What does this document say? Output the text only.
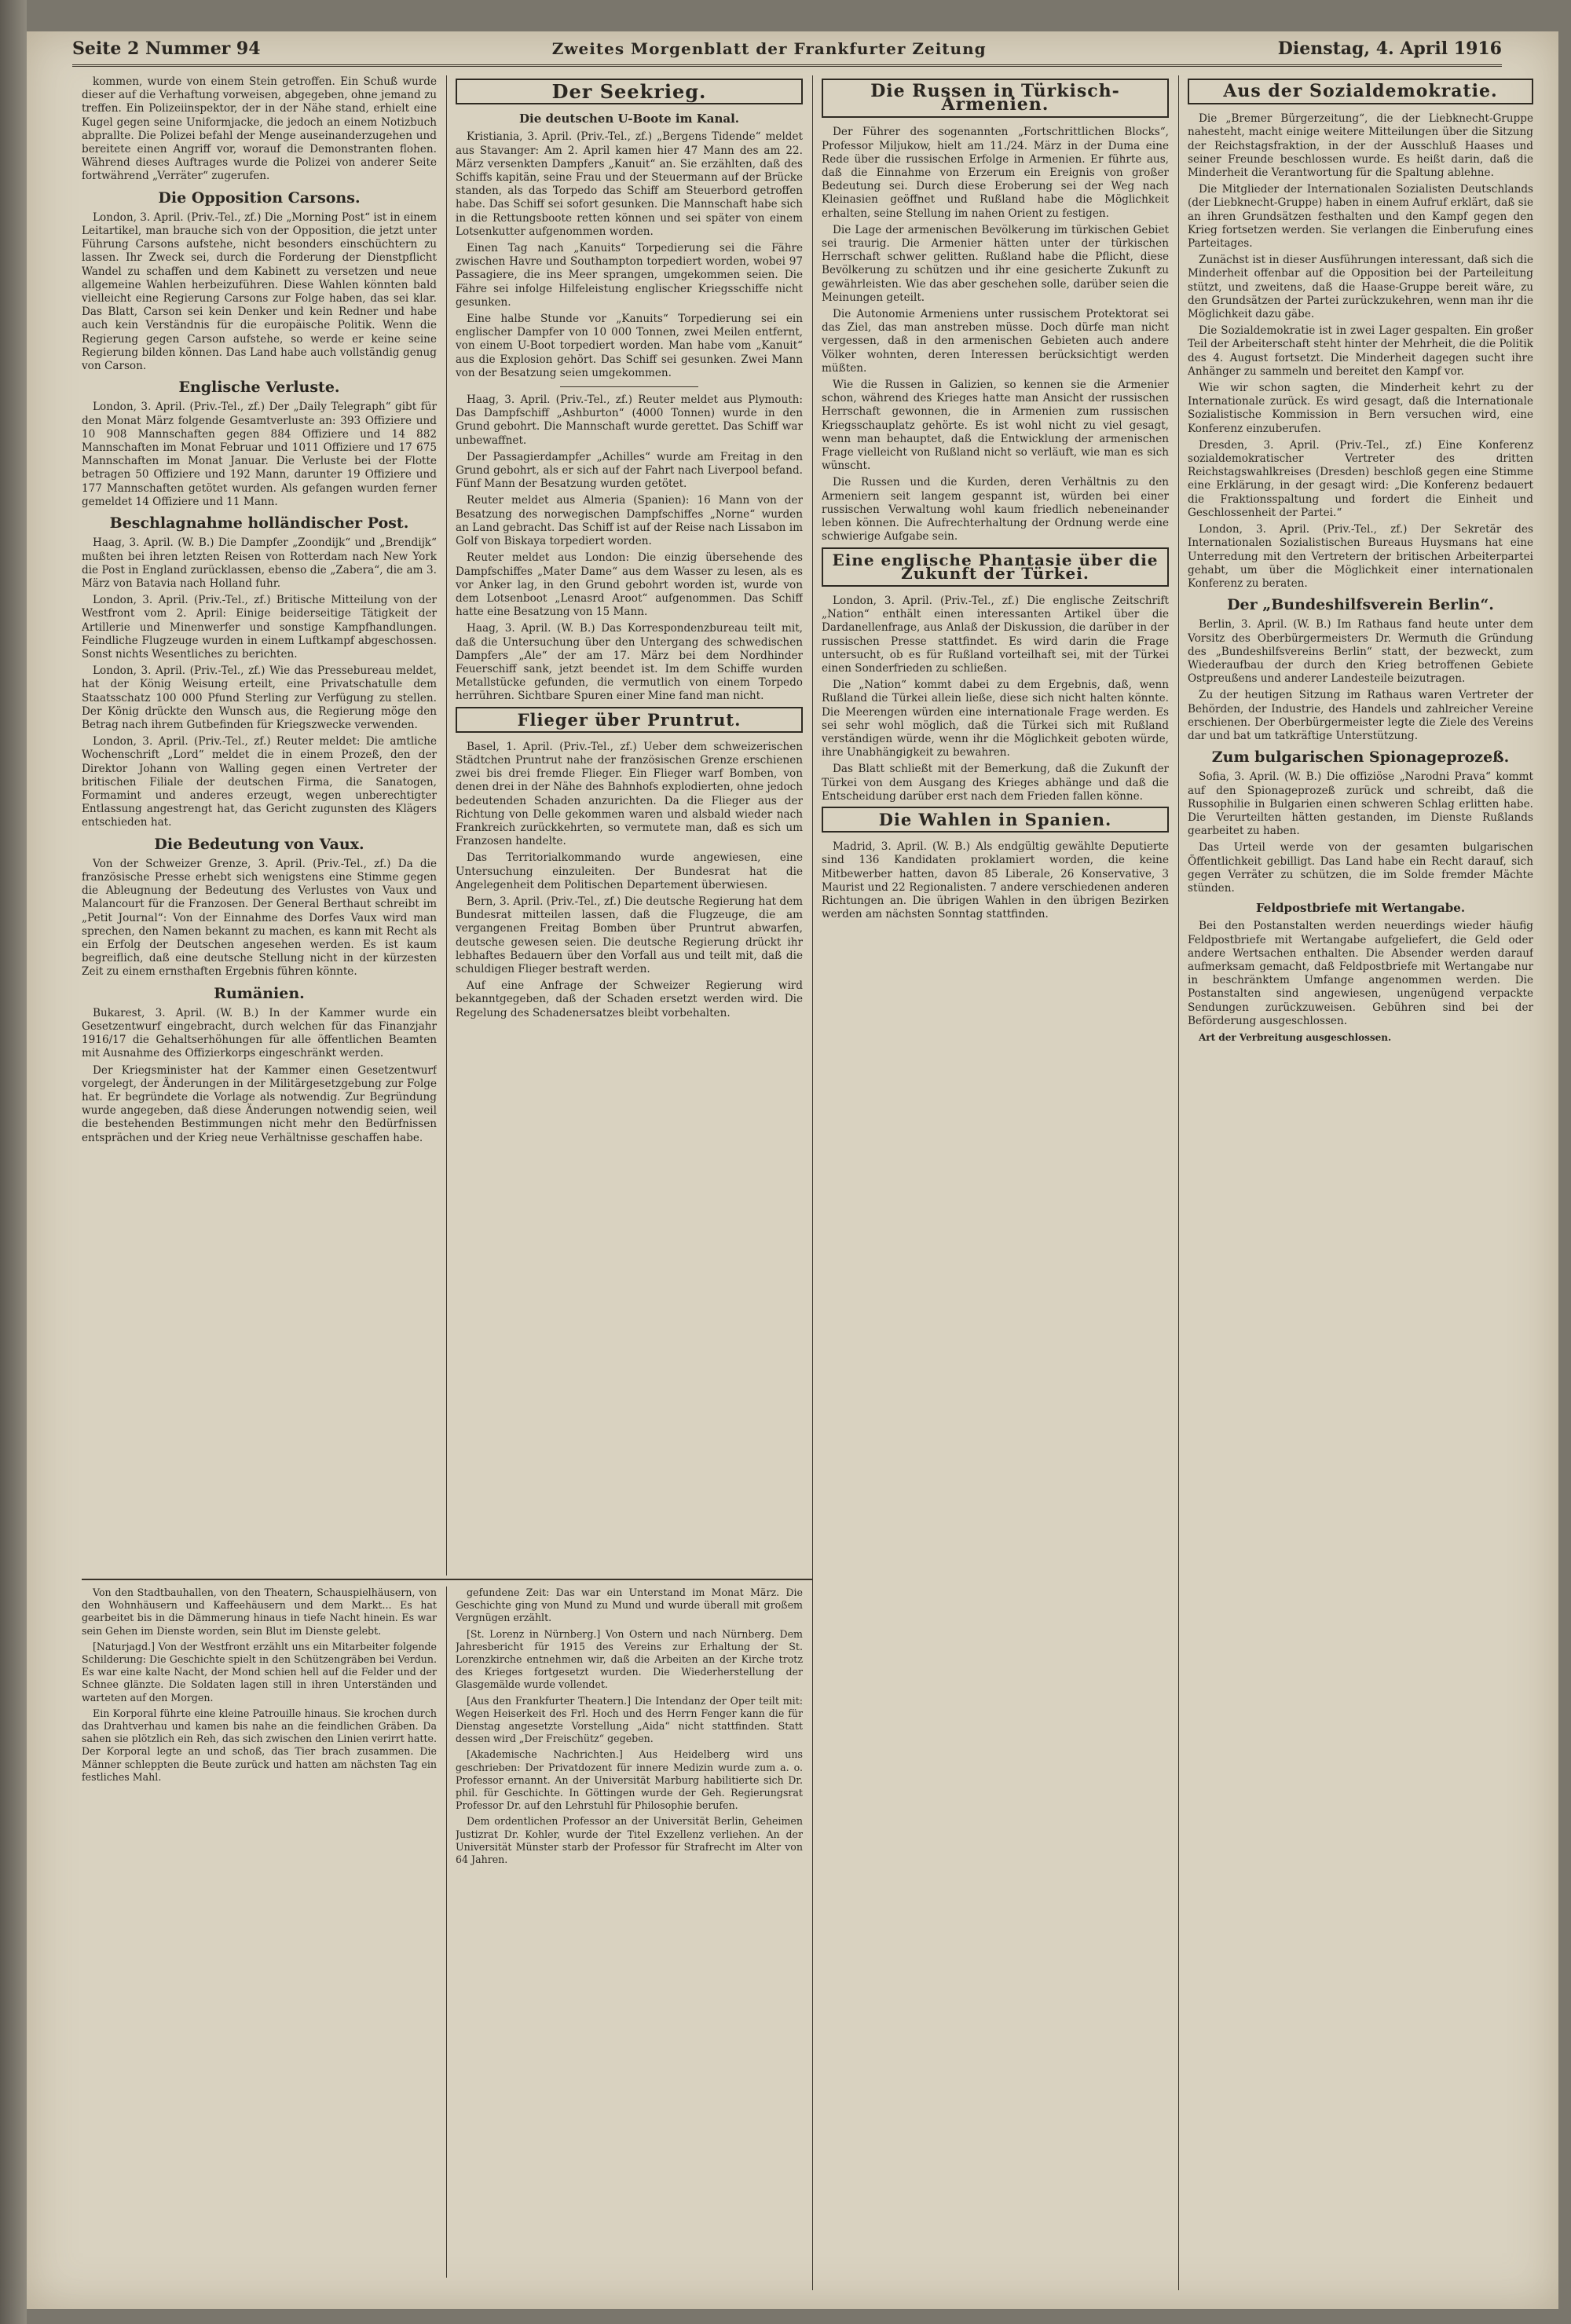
Seite 2 Nummer 94	Zweites Morgenblatt der Frankfurter Zeitung	Dienstag, 4. April 1916

kommen, wurde von einem Stein getroffen. Ein Schuß wurde dieser auf die Verhaftung vorweisen, abgegeben, ohne jemand zu treffen. Ein Polizeiinspektor, der in der Nähe stand, erhielt eine Kugel gegen seine Uniformjacke, die jedoch an einem Notizbuch abprallte. Die Polizei befahl der Menge auseinanderzugehen und bereitete einen Angriff vor, worauf die Demonstranten flohen. Während dieses Auftrages wurde die Polizei von anderer Seite fortwährend „Verräter“ zugerufen.

Die Opposition Carsons.

London, 3. April. (Priv.-Tel., zf.) Die „Morning Post“ ist in einem Leitartikel, man brauche sich von der Opposition, die jetzt unter Führung Carsons aufstehe, nicht besonders einschüchtern zu lassen. Ihr Zweck sei, durch die Forderung der Dienstpflicht Wandel zu schaffen und dem Kabinett zu versetzen und neue allgemeine Wahlen herbeizuführen. Diese Wahlen könnten bald vielleicht eine Regierung Carsons zur Folge haben, das sei klar. Das Blatt, Carson sei kein Denker und kein Redner und habe auch kein Verständnis für die europäische Politik. Wenn die Regierung gegen Carson aufstehe, so werde er keine seine Regierung bilden können. Das Land habe auch vollständig genug von Carson.

Englische Verluste.

London, 3. April. (Priv.-Tel., zf.) Der „Daily Telegraph“ gibt für den Monat März folgende Gesamtverluste an: 393 Offiziere und 10 908 Mannschaften gegen 884 Offiziere und 14 882 Mannschaften im Monat Februar und 1011 Offiziere und 17 675 Mannschaften im Monat Januar. Die Verluste bei der Flotte betragen 50 Offiziere und 192 Mann, darunter 19 Offiziere und 177 Mannschaften getötet wurden. Als gefangen wurden ferner gemeldet 14 Offiziere und 11 Mann.

Beschlagnahme holländischer Post.

Haag, 3. April. (W. B.) Die Dampfer „Zoondijk“ und „Brendijk“ mußten bei ihren letzten Reisen von Rotterdam nach New York die Post in England zurücklassen, ebenso die „Zabera“, die am 3. März von Batavia nach Holland fuhr.

London, 3. April. (Priv.-Tel., zf.) Britische Mitteilung von der Westfront vom 2. April: Einige beiderseitige Tätigkeit der Artillerie und Minenwerfer und sonstige Kampfhandlungen. Feindliche Flugzeuge wurden in einem Luftkampf abgeschossen. Sonst nichts Wesentliches zu berichten.

London, 3. April. (Priv.-Tel., zf.) Wie das Pressebureau meldet, hat der König Weisung erteilt, eine Privatschatulle dem Staatsschatz 100 000 Pfund Sterling zur Verfügung zu stellen. Der König drückte den Wunsch aus, die Regierung möge den Betrag nach ihrem Gutbefinden für Kriegszwecke verwenden.

London, 3. April. (Priv.-Tel., zf.) Reuter meldet: Die amtliche Wochenschrift „Lord“ meldet die in einem Prozeß, den der Direktor Johann von Walling gegen einen Vertreter der britischen Filiale der deutschen Firma, die Sanatogen, Formamint und anderes erzeugt, wegen unberechtigter Entlassung angestrengt hat, das Gericht zugunsten des Klägers entschieden hat.

Die Bedeutung von Vaux.

Von der Schweizer Grenze, 3. April. (Priv.-Tel., zf.) Da die französische Presse erhebt sich wenigstens eine Stimme gegen die Ableugnung der Bedeutung des Verlustes von Vaux und Malancourt für die Franzosen. Der General Berthaut schreibt im „Petit Journal“: Von der Einnahme des Dorfes Vaux wird man sprechen, den Namen bekannt zu machen, es kann mit Recht als ein Erfolg der Deutschen angesehen werden. Es ist kaum begreiflich, daß eine deutsche Stellung nicht in der kürzesten Zeit zu einem ernsthaften Ergebnis führen könnte.

Rumänien.

Bukarest, 3. April. (W. B.) In der Kammer wurde ein Gesetzentwurf eingebracht, durch welchen für das Finanzjahr 1916/17 die Gehaltserhöhungen für alle öffentlichen Beamten mit Ausnahme des Offizierkorps eingeschränkt werden.

Der Kriegsminister hat der Kammer einen Gesetzentwurf vorgelegt, der Änderungen in der Militärgesetzgebung zur Folge hat. Er begründete die Vorlage als notwendig. Zur Begründung wurde angegeben, daß diese Änderungen notwendig seien, weil die bestehenden Bestimmungen nicht mehr den Bedürfnissen entsprächen und der Krieg neue Verhältnisse geschaffen habe.

Der Seekrieg.
Die deutschen U-Boote im Kanal.

Kristiania, 3. April. (Priv.-Tel., zf.) „Bergens Tidende“ meldet aus Stavanger: Am 2. April kamen hier 47 Mann des am 22. März versenkten Dampfers „Kanuit“ an. Sie erzählten, daß des Schiffs kapitän, seine Frau und der Steuermann auf der Brücke standen, als das Torpedo das Schiff am Steuerbord getroffen habe. Das Schiff sei sofort gesunken. Die Mannschaft habe sich in die Rettungsboote retten können und sei später von einem Lotsenkutter aufgenommen worden.

Einen Tag nach „Kanuits“ Torpedierung sei die Fähre zwischen Havre und Southampton torpediert worden, wobei 97 Passagiere, die ins Meer sprangen, umgekommen seien. Die Fähre sei infolge Hilfeleistung englischer Kriegsschiffe nicht gesunken.

Eine halbe Stunde vor „Kanuits“ Torpedierung sei ein englischer Dampfer von 10 000 Tonnen, zwei Meilen entfernt, von einem U-Boot torpediert worden. Man habe vom „Kanuit“ aus die Explosion gehört. Das Schiff sei gesunken. Zwei Mann von der Besatzung seien umgekommen.

Haag, 3. April. (Priv.-Tel., zf.) Reuter meldet aus Plymouth: Das Dampfschiff „Ashburton“ (4000 Tonnen) wurde in den Grund gebohrt. Die Mannschaft wurde gerettet. Das Schiff war unbewaffnet.

Der Passagierdampfer „Achilles“ wurde am Freitag in den Grund gebohrt, als er sich auf der Fahrt nach Liverpool befand. Fünf Mann der Besatzung wurden getötet.

Reuter meldet aus Almeria (Spanien): 16 Mann von der Besatzung des norwegischen Dampfschiffes „Norne“ wurden an Land gebracht. Das Schiff ist auf der Reise nach Lissabon im Golf von Biskaya torpediert worden.

Reuter meldet aus London: Die einzig übersehende des Dampfschiffes „Mater Dame“ aus dem Wasser zu lesen, als es vor Anker lag, in den Grund gebohrt worden ist, wurde von dem Lotsenboot „Lenasrd Aroot“ aufgenommen. Das Schiff hatte eine Besatzung von 15 Mann.

Haag, 3. April. (W. B.) Das Korrespondenzbureau teilt mit, daß die Untersuchung über den Untergang des schwedischen Dampfers „Ale“ der am 17. März bei dem Nordhinder Feuerschiff sank, jetzt beendet ist. Im dem Schiffe wurden Metallstücke gefunden, die vermutlich von einem Torpedo herrühren. Sichtbare Spuren einer Mine fand man nicht.

Flieger über Pruntrut.

Basel, 1. April. (Priv.-Tel., zf.) Ueber dem schweizerischen Städtchen Pruntrut nahe der französischen Grenze erschienen zwei bis drei fremde Flieger. Ein Flieger warf Bomben, von denen drei in der Nähe des Bahnhofs explodierten, ohne jedoch bedeutenden Schaden anzurichten. Da die Flieger aus der Richtung von Delle gekommen waren und alsbald wieder nach Frankreich zurückkehrten, so vermutete man, daß es sich um Franzosen handelte.

Das Territorialkommando wurde angewiesen, eine Untersuchung einzuleiten. Der Bundesrat hat die Angelegenheit dem Politischen Departement überwiesen.

Bern, 3. April. (Priv.-Tel., zf.) Die deutsche Regierung hat dem Bundesrat mitteilen lassen, daß die Flugzeuge, die am vergangenen Freitag Bomben über Pruntrut abwarfen, deutsche gewesen seien. Die deutsche Regierung drückt ihr lebhaftes Bedauern über den Vorfall aus und teilt mit, daß die schuldigen Flieger bestraft werden.

Auf eine Anfrage der Schweizer Regierung wird bekanntgegeben, daß der Schaden ersetzt werden wird. Die Regelung des Schadenersatzes bleibt vorbehalten.

Von den Stadtbauhallen, von den Theatern, Schauspielhäusern, von den Wohnhäusern und Kaffeehäusern und dem Markt... Es hat gearbeitet bis in die Dämmerung hinaus in tiefe Nacht hinein. Es war sein Gehen im Dienste worden, sein Blut im Dienste gelebt.

[Naturjagd.] Von der Westfront erzählt uns ein Mitarbeiter folgende Schilderung: Die Geschichte spielt in den Schützengräben bei Verdun. Es war eine kalte Nacht, der Mond schien hell auf die Felder und der Schnee glänzte. Die Soldaten lagen still in ihren Unterständen und warteten auf den Morgen.

Ein Korporal führte eine kleine Patrouille hinaus. Sie krochen durch das Drahtverhau und kamen bis nahe an die feindlichen Gräben. Da sahen sie plötzlich ein Reh, das sich zwischen den Linien verirrt hatte. Der Korporal legte an und schoß, das Tier brach zusammen. Die Männer schleppten die Beute zurück und hatten am nächsten Tag ein festliches Mahl.

gefundene Zeit: Das war ein Unterstand im Monat März. Die Geschichte ging von Mund zu Mund und wurde überall mit großem Vergnügen erzählt.

[St. Lorenz in Nürnberg.] Von Ostern und nach Nürnberg. Dem Jahresbericht für 1915 des Vereins zur Erhaltung der St. Lorenzkirche entnehmen wir, daß die Arbeiten an der Kirche trotz des Krieges fortgesetzt wurden. Die Wiederherstellung der Glasgemälde wurde vollendet.

[Aus den Frankfurter Theatern.] Die Intendanz der Oper teilt mit: Wegen Heiserkeit des Frl. Hoch und des Herrn Fenger kann die für Dienstag angesetzte Vorstellung „Aida“ nicht stattfinden. Statt dessen wird „Der Freischütz“ gegeben.

[Akademische Nachrichten.] Aus Heidelberg wird uns geschrieben: Der Privatdozent für innere Medizin wurde zum a. o. Professor ernannt. An der Universität Marburg habilitierte sich Dr. phil. für Geschichte. In Göttingen wurde der Geh. Regierungsrat Professor Dr. auf den Lehrstuhl für Philosophie berufen.

Dem ordentlichen Professor an der Universität Berlin, Geheimen Justizrat Dr. Kohler, wurde der Titel Exzellenz verliehen. An der Universität Münster starb der Professor für Strafrecht im Alter von 64 Jahren.

Die Russen in Türkisch-Armenien.

Der Führer des sogenannten „Fortschrittlichen Blocks“, Professor Miljukow, hielt am 11./24. März in der Duma eine Rede über die russischen Erfolge in Armenien. Er führte aus, daß die Einnahme von Erzerum ein Ereignis von großer Bedeutung sei. Durch diese Eroberung sei der Weg nach Kleinasien geöffnet und Rußland habe die Möglichkeit erhalten, seine Stellung im nahen Orient zu festigen.

Die Lage der armenischen Bevölkerung im türkischen Gebiet sei traurig. Die Armenier hätten unter der türkischen Herrschaft schwer gelitten. Rußland habe die Pflicht, diese Bevölkerung zu schützen und ihr eine gesicherte Zukunft zu gewährleisten. Wie das aber geschehen solle, darüber seien die Meinungen geteilt.

Die Autonomie Armeniens unter russischem Protektorat sei das Ziel, das man anstreben müsse. Doch dürfe man nicht vergessen, daß in den armenischen Gebieten auch andere Völker wohnten, deren Interessen berücksichtigt werden müßten.

Wie die Russen in Galizien, so kennen sie die Armenier schon, während des Krieges hatte man Ansicht der russischen Herrschaft gewonnen, die in Armenien zum russischen Kriegsschauplatz gehörte. Es ist wohl nicht zu viel gesagt, wenn man behauptet, daß die Entwicklung der armenischen Frage vielleicht von Rußland nicht so verläuft, wie man es sich wünscht.

Die Russen und die Kurden, deren Verhältnis zu den Armeniern seit langem gespannt ist, würden bei einer russischen Verwaltung wohl kaum friedlich nebeneinander leben können. Die Aufrechterhaltung der Ordnung werde eine schwierige Aufgabe sein.

Eine englische Phantasie über die Zukunft der Türkei.

London, 3. April. (Priv.-Tel., zf.) Die englische Zeitschrift „Nation“ enthält einen interessanten Artikel über die Dardanellenfrage, aus Anlaß der Diskussion, die darüber in der russischen Presse stattfindet. Es wird darin die Frage untersucht, ob es für Rußland vorteilhaft sei, mit der Türkei einen Sonderfrieden zu schließen.

Die „Nation“ kommt dabei zu dem Ergebnis, daß, wenn Rußland die Türkei allein ließe, diese sich nicht halten könnte. Die Meerengen würden eine internationale Frage werden. Es sei sehr wohl möglich, daß die Türkei sich mit Rußland verständigen würde, wenn ihr die Möglichkeit geboten würde, ihre Unabhängigkeit zu bewahren.

Das Blatt schließt mit der Bemerkung, daß die Zukunft der Türkei von dem Ausgang des Krieges abhänge und daß die Entscheidung darüber erst nach dem Frieden fallen könne.

Die Wahlen in Spanien.

Madrid, 3. April. (W. B.) Als endgültig gewählte Deputierte sind 136 Kandidaten proklamiert worden, die keine Mitbewerber hatten, davon 85 Liberale, 26 Konservative, 3 Maurist und 22 Regionalisten. 7 andere verschiedenen anderen Richtungen an. Die übrigen Wahlen in den übrigen Bezirken werden am nächsten Sonntag stattfinden.

Aus der Sozialdemokratie.

Die „Bremer Bürgerzeitung“, die der Liebknecht-Gruppe nahesteht, macht einige weitere Mitteilungen über die Sitzung der Reichstagsfraktion, in der der Ausschluß Haases und seiner Freunde beschlossen wurde. Es heißt darin, daß die Minderheit die Verantwortung für die Spaltung ablehne.

Die Mitglieder der Internationalen Sozialisten Deutschlands (der Liebknecht-Gruppe) haben in einem Aufruf erklärt, daß sie an ihren Grundsätzen festhalten und den Kampf gegen den Krieg fortsetzen werden. Sie verlangen die Einberufung eines Parteitages.

Zunächst ist in dieser Ausführungen interessant, daß sich die Minderheit offenbar auf die Opposition bei der Parteileitung stützt, und zweitens, daß die Haase-Gruppe bereit wäre, zu den Grundsätzen der Partei zurückzukehren, wenn man ihr die Möglichkeit dazu gäbe.

Die Sozialdemokratie ist in zwei Lager gespalten. Ein großer Teil der Arbeiterschaft steht hinter der Mehrheit, die die Politik des 4. August fortsetzt. Die Minderheit dagegen sucht ihre Anhänger zu sammeln und bereitet den Kampf vor.

Wie wir schon sagten, die Minderheit kehrt zu der Internationale zurück. Es wird gesagt, daß die Internationale Sozialistische Kommission in Bern versuchen wird, eine Konferenz einzuberufen.

Dresden, 3. April. (Priv.-Tel., zf.) Eine Konferenz sozialdemokratischer Vertreter des dritten Reichstagswahlkreises (Dresden) beschloß gegen eine Stimme eine Erklärung, in der gesagt wird: „Die Konferenz bedauert die Fraktionsspaltung und fordert die Einheit und Geschlossenheit der Partei.“

London, 3. April. (Priv.-Tel., zf.) Der Sekretär des Internationalen Sozialistischen Bureaus Huysmans hat eine Unterredung mit den Vertretern der britischen Arbeiterpartei gehabt, um über die Möglichkeit einer internationalen Konferenz zu beraten.

Der „Bundeshilfsverein Berlin“.

Berlin, 3. April. (W. B.) Im Rathaus fand heute unter dem Vorsitz des Oberbürgermeisters Dr. Wermuth die Gründung des „Bundeshilfsvereins Berlin“ statt, der bezweckt, zum Wiederaufbau der durch den Krieg betroffenen Gebiete Ostpreußens und anderer Landesteile beizutragen.

Zu der heutigen Sitzung im Rathaus waren Vertreter der Behörden, der Industrie, des Handels und zahlreicher Vereine erschienen. Der Oberbürgermeister legte die Ziele des Vereins dar und bat um tatkräftige Unterstützung.

Zum bulgarischen Spionageprozeß.

Sofia, 3. April. (W. B.) Die offiziöse „Narodni Prava“ kommt auf den Spionageprozeß zurück und schreibt, daß die Russophilie in Bulgarien einen schweren Schlag erlitten habe. Die Verurteilten hätten gestanden, im Dienste Rußlands gearbeitet zu haben.

Das Urteil werde von der gesamten bulgarischen Öffentlichkeit gebilligt. Das Land habe ein Recht darauf, sich gegen Verräter zu schützen, die im Solde fremder Mächte stünden.

Feldpostbriefe mit Wertangabe.

Bei den Postanstalten werden neuerdings wieder häufig Feldpostbriefe mit Wertangabe aufgeliefert, die Geld oder andere Wertsachen enthalten. Die Absender werden darauf aufmerksam gemacht, daß Feldpostbriefe mit Wertangabe nur in beschränktem Umfange angenommen werden. Die Postanstalten sind angewiesen, ungenügend verpackte Sendungen zurückzuweisen. Gebühren sind bei der Beförderung ausgeschlossen.

Art der Verbreitung ausgeschlossen.
